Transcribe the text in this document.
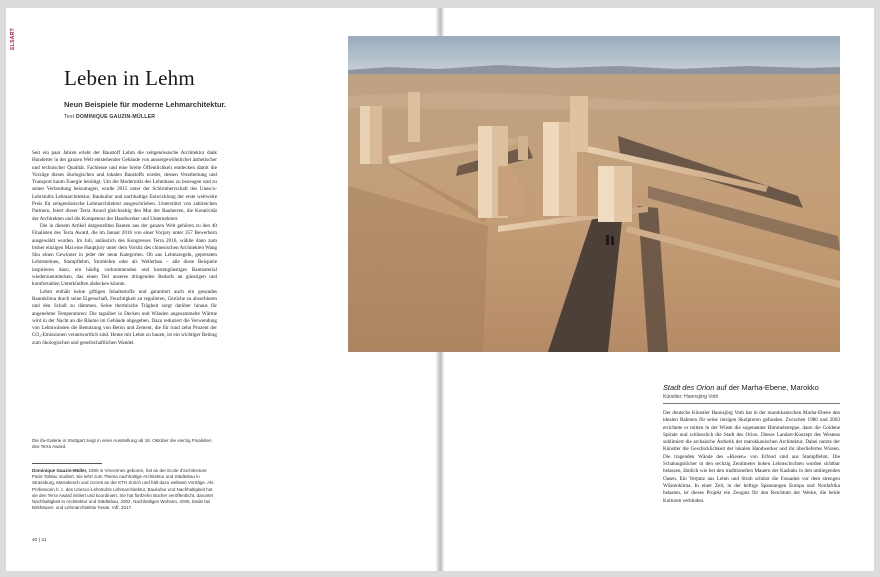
ELSART
Leben in Lehm
Neun Beispiele für moderne Lehmarchitektur.
Text DOMINIQUE GAUZIN-MÜLLER

Seit ein paar Jahren erlebt der Baustoff Lehm die zeitgenössische Architektur dank Hunderter in der ganzen Welt entstehender Gebäude von aussergewöhnlicher ästhetischer und technischer Qualität. Fachleute und eine breite Öffentlichkeit entdecken damit die Vorzüge dieses ökologischen und lokalen Baustoffs wieder, dessen Verarbeitung und Transport kaum Energie benötigt. Um die Modernität des Lehmbaus zu bezeugen und zu seiner Verbreitung beizutragen, wurde 2015 unter der Schirmherrschaft des Unesco-Lehrstuhls Lehmarchitektur, Baukultur und nachhaltige Entwicklung der erste weltweite Preis für zeitgenössische Lehmarchitektur ausgeschrieben. Unterstützt von zahlreichen Partnern, feiert dieser Terra Award gleichzeitig den Mut der Bauherren, die Kreativität der Architekten und die Kompetenz der Handwerker und Unternehmer.

Die in diesem Artikel dargestellten Bauten aus der ganzen Welt gehören zu den 40 Finalisten des Terra Award, die im Januar 2016 von einer Vorjury unter 357 Bewerbern ausgewählt wurden. Im Juli, anlässlich des Kongresses Terra 2016, wählte dann zum bisher einzigen Mal eine Hauptjury unter dem Vorsitz des chinesischen Architekten Wang Shu einen Gewinner in jeder der neun Kategorien. Ob aus Lehmziegeln, gepressten Lehmsteinen, Stampflehm, Strohlehm oder als Wellerbau – alle diese Beispiele inspirieren dazu, ein häufig vorkommenden und kostengünstiges Baumaterial wiederzuentdecken, das einen Teil unseres dringenden Bedarfs an günstigen und komfortablen Unterkünften abdecken könnte.

Lehm enthält keine giftigen Inhaltsstoffe und garantiert auch ein gesundes Raumklima durch seine Eigenschaft, Feuchtigkeit zu regulieren, Gerüche zu absorbieren und den Schall zu dämmen. Seine thermische Trägheit sorgt darüber hinaus für angenehme Temperaturen: Die tagsüber in Decken und Wänden angesammelte Wärme wird in der Nacht an die Räume im Gebäude abgegeben. Dazu reduziert die Verwendung von Lehmwänden die Benutzung von Beton und Zement, die für rund zehn Prozent der CO₂-Emissionen verantwortlich sind. Heute mit Lehm zu bauen, ist ein wichtiger Beitrag zum ökologischen und gesellschaftlichen Wandel.

Die ifa-Galerie in Stuttgart zeigt in einer Ausstellung ab 18. Oktober die vierzig Finalisten des Terra Award.
Dominique Gauzin-Müller, 1960 in Vincennes geboren, hat an der Ecole d'architecture Paris-Tolbiac studiert. Sie lehrt zum Thema nachhaltige Architektur und Städtebau in Strassburg, Marrakesch und zurzeit an der ETH Zürich und hält dazu weltweit Vorträge. Als Professorin h. c. des Unesco-Lehrstuhls Lehmarchitektur, Baukultur und Nachhaltigkeit hat sie den Terra Award initiiert und koordiniert. Sie hat fünfzehn Bücher veröffentlicht, darunter Nachhaltigkeit in Architektur und Städtebau, 2002, Nachhaltiges Wohnen, 2006, beide bei Birkhäuser, und Lehmarchitektur heute, Vdf, 2017.
40 | 41
Stadt des Orion auf der Marha-Ebene, Marokko
Künstler: Hannsjörg Voth
Der deutsche Künstler Hannsjörg Voth hat in der marokkanischen Marha-Ebene den idealen Rahmen für seine riesigen Skulpturen gefunden. Zwischen 1980 und 2003 errichtete er mitten in der Wüste die sogenannte Himmelstreppe, dann die Goldene Spirale und schliesslich die Stadt des Orion. Dieses Landart-Konzept des Westens sublimiert die archaische Ästhetik der marokkanischen Architektur. Dabei nutzte der Künstler die Geschicklichkeit der lokalen Handwerker und ihr überliefertes Wissen. Die tragenden Wände des «Riesen» von Erfoud sind aus Stampflehm. Die Schalungslöcher in den sechzig Zentimeter hohen Lehmschichten wurden sichtbar belassen, ähnlich wie bei den traditionellen Mauern der Kasbahs in den umliegenden Oasen. Ein Verputz aus Lehm und Stroh schützt die Fassaden vor dem strengen Wüstenklima. In einer Zeit, in der heftige Spannungen Europa und Nordafrika belasten, ist dieses Projekt ein Zeugnis für den Reichtum der Werke, die beide Kulturen verbinden.
